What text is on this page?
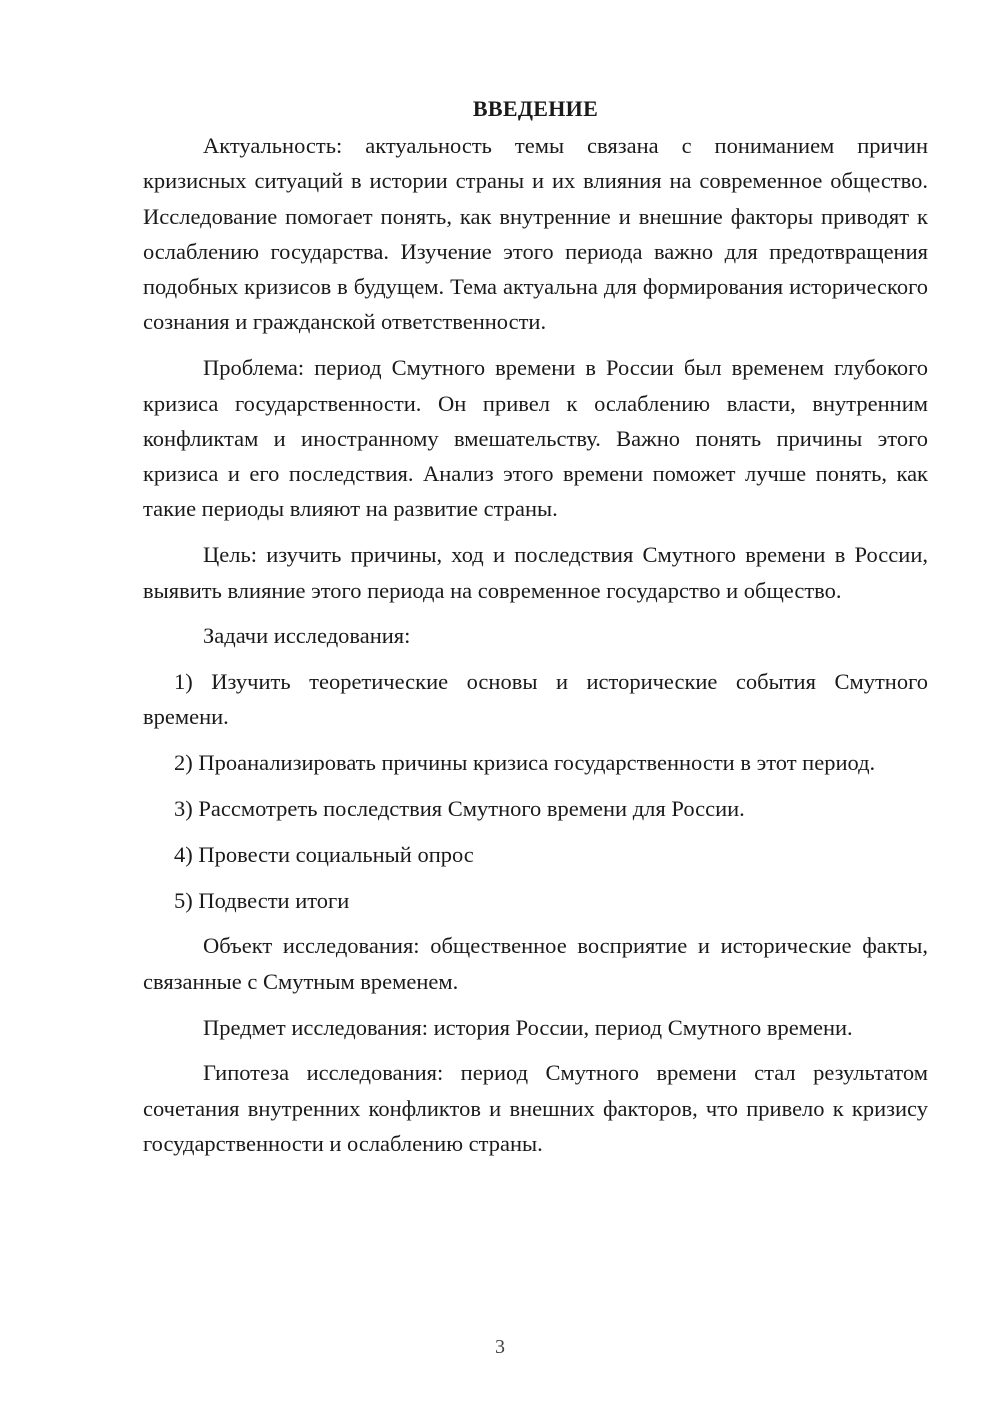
ВВЕДЕНИЕ

Актуальность: актуальность темы связана с пониманием причин кризисных ситуаций в истории страны и их влияния на современное общество. Исследование помогает понять, как внутренние и внешние факторы приводят к ослаблению государства. Изучение этого периода важно для предотвращения подобных кризисов в будущем. Тема актуальна для формирования исторического сознания и гражданской ответственности.

Проблема: период Смутного времени в России был временем глубокого кризиса государственности. Он привел к ослаблению власти, внутренним конфликтам и иностранному вмешательству. Важно понять причины этого кризиса и его последствия. Анализ этого времени поможет лучше понять, как такие периоды влияют на развитие страны.

Цель: изучить причины, ход и последствия Смутного времени в России, выявить влияние этого периода на современное государство и общество.

Задачи исследования:

1) Изучить теоретические основы и исторические события Смутного времени.

2) Проанализировать причины кризиса государственности в этот период.

3) Рассмотреть последствия Смутного времени для России.

4) Провести социальный опрос

5) Подвести итоги

Объект исследования: общественное восприятие и исторические факты, связанные с Смутным временем.

Предмет исследования: история России, период Смутного времени.

Гипотеза исследования: период Смутного времени стал результатом сочетания внутренних конфликтов и внешних факторов, что привело к кризису государственности и ослаблению страны.

3
